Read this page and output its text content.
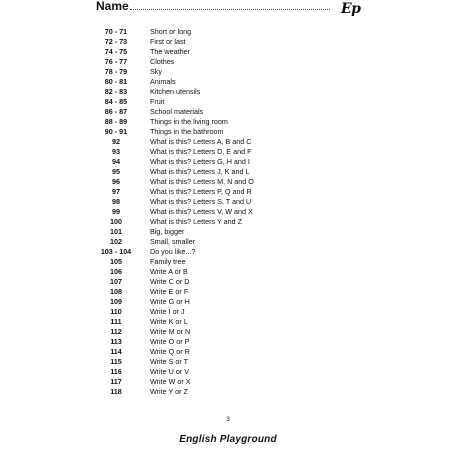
Name	Ep
70 - 71	Short or long
72 - 73	First or last
74 - 75	The weather
76 - 77	Clothes
78 - 79	Sky
80 - 81	Animals
82 - 83	Kitchen utensils
84 - 85	Fruit
86 - 87	School materials
88 - 89	Things in the living room
90 - 91	Things in the bathroom
92	What is this? Letters A, B and C
93	What is this? Letters D, E and F
94	What is this? Letters G, H and I
95	What is this? Letters J, K and L
96	What is this? Letters M, N and O
97	What is this? Letters P, Q and R
98	What is this? Letters S, T and U
99	What is this? Letters V, W and X
100	What is this? Letters Y and Z
101	Big, bigger
102	Small, smaller
103 - 104	Do you like...?
105	Family tree
106	Write A or B
107	Write C or D
108	Write E or F
109	Write G or H
110	Write I or J
111	Write K or L
112	Write M or N
113	Write O or P
114	Write Q or R
115	Write S or T
116	Write U or V
117	Write W or X
118	Write Y or Z
3
English Playground
